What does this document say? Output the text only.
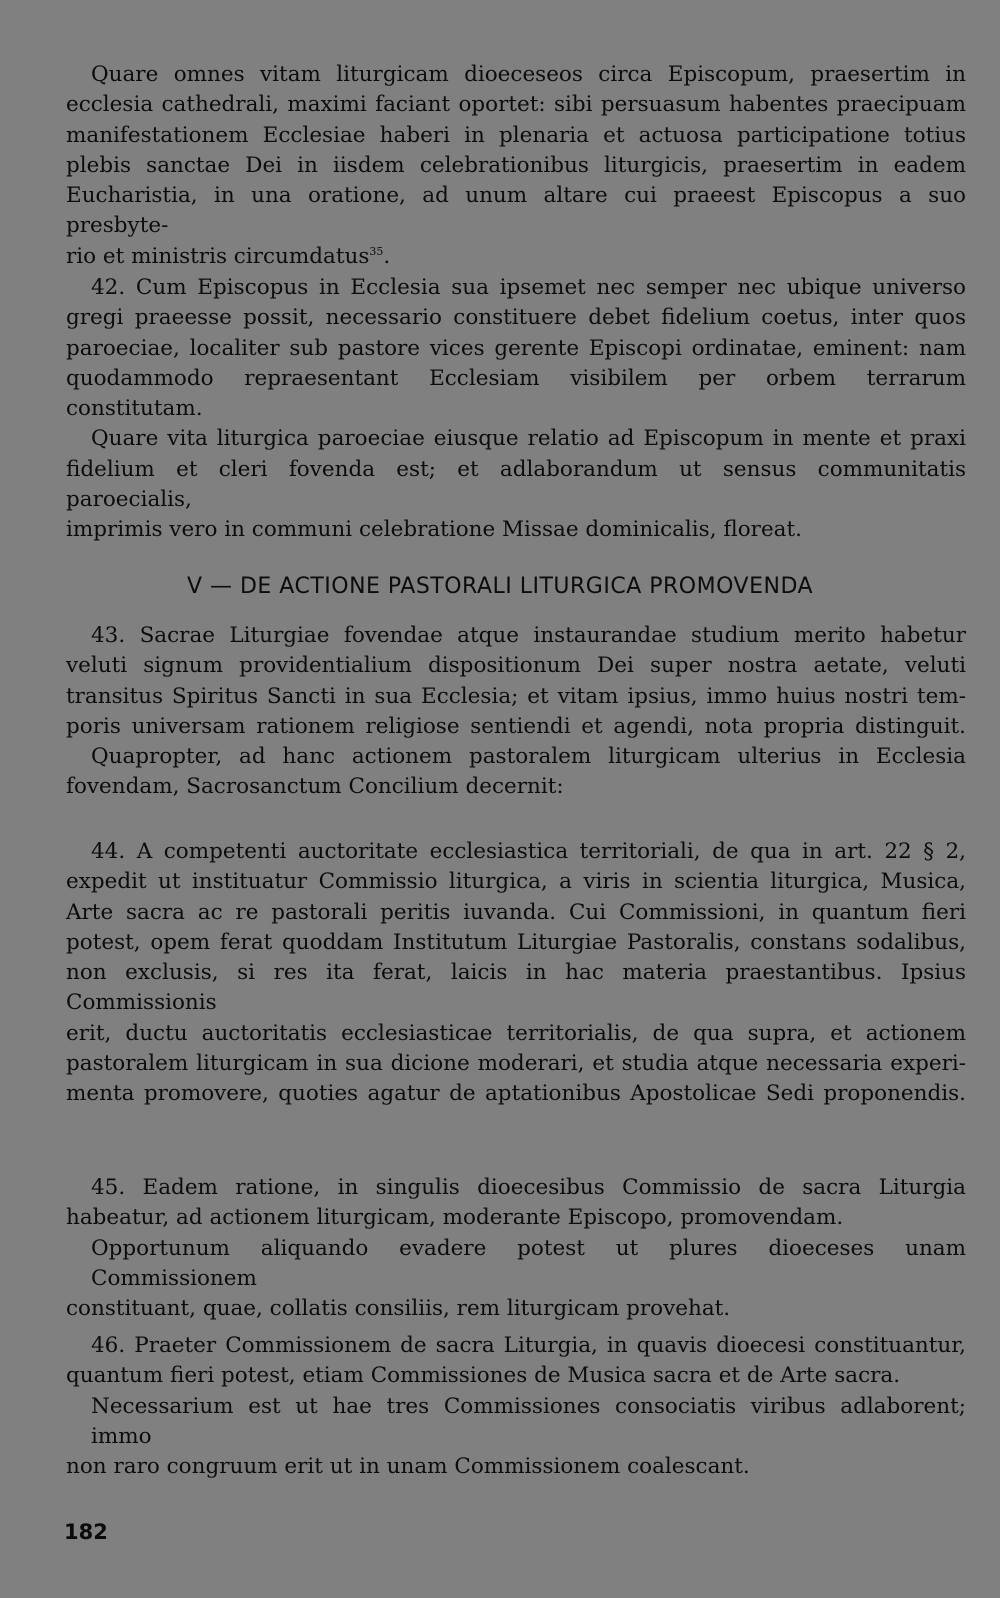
Quare omnes vitam liturgicam dioeceseos circa Episcopum, praesertim in
ecclesia cathedrali, maximi faciant oportet: sibi persuasum habentes praecipuam
manifestationem Ecclesiae haberi in plenaria et actuosa participatione totius
plebis sanctae Dei in iisdem celebrationibus liturgicis, praesertim in eadem
Eucharistia, in una oratione, ad unum altare cui praeest Episcopus a suo presbyte-
rio et ministris circumdatus$^{35}$.
42. Cum Episcopus in Ecclesia sua ipsemet nec semper nec ubique universo
gregi praeesse possit, necessario constituere debet fidelium coetus, inter quos
paroeciae, localiter sub pastore vices gerente Episcopi ordinatae, eminent: nam
quodammodo repraesentant Ecclesiam visibilem per orbem terrarum constitutam.
Quare vita liturgica paroeciae eiusque relatio ad Episcopum in mente et praxi
fidelium et cleri fovenda est; et adlaborandum ut sensus communitatis paroecialis,
imprimis vero in communi celebratione Missae dominicalis, floreat.
V — DE ACTIONE PASTORALI LITURGICA PROMOVENDA
43. Sacrae Liturgiae fovendae atque instaurandae studium merito habetur
veluti signum providentialium dispositionum Dei super nostra aetate, veluti
transitus Spiritus Sancti in sua Ecclesia; et vitam ipsius, immo huius nostri tem-
poris universam rationem religiose sentiendi et agendi, nota propria distinguit.
Quapropter, ad hanc actionem pastoralem liturgicam ulterius in Ecclesia
fovendam, Sacrosanctum Concilium decernit:
44. A competenti auctoritate ecclesiastica territoriali, de qua in art. 22 § 2,
expedit ut instituatur Commissio liturgica, a viris in scientia liturgica, Musica,
Arte sacra ac re pastorali peritis iuvanda. Cui Commissioni, in quantum fieri
potest, opem ferat quoddam Institutum Liturgiae Pastoralis, constans sodalibus,
non exclusis, si res ita ferat, laicis in hac materia praestantibus. Ipsius Commissionis
erit, ductu auctoritatis ecclesiasticae territorialis, de qua supra, et actionem
pastoralem liturgicam in sua dicione moderari, et studia atque necessaria experi-
menta promovere, quoties agatur de aptationibus Apostolicae Sedi proponendis.
45. Eadem ratione, in singulis dioecesibus Commissio de sacra Liturgia
habeatur, ad actionem liturgicam, moderante Episcopo, promovendam.
Opportunum aliquando evadere potest ut plures dioeceses unam Commissionem
constituant, quae, collatis consiliis, rem liturgicam provehat.
46. Praeter Commissionem de sacra Liturgia, in quavis dioecesi constituantur,
quantum fieri potest, etiam Commissiones de Musica sacra et de Arte sacra.
Necessarium est ut hae tres Commissiones consociatis viribus adlaborent; immo
non raro congruum erit ut in unam Commissionem coalescant.
182
